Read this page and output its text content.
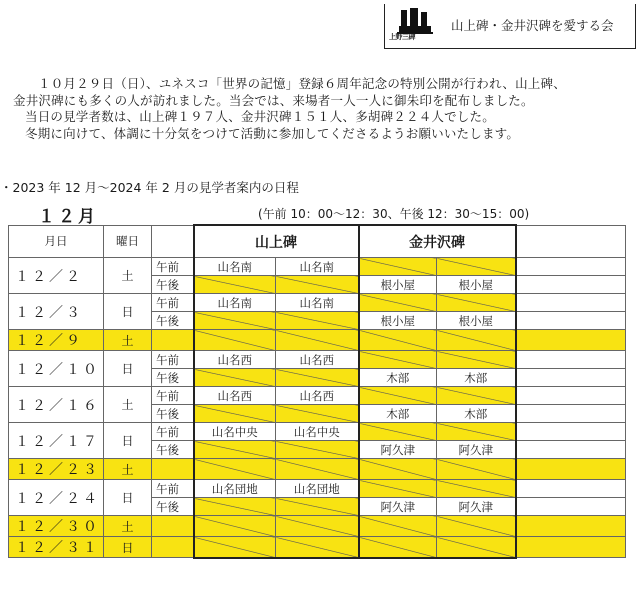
上野三碑
山上碑・金井沢碑を愛する会
１０月２９日（日）、ユネスコ「世界の記憶」登録６周年記念の特別公開が行われ、山上碑、
金井沢碑にも多くの人が訪れました。当会では、来場者一人一人に御朱印を配布しました。
当日の見学者数は、山上碑１９７人、金井沢碑１５１人、多胡碑２２４人でした。
冬期に向けて、体調に十分気をつけて活動に参加してくださるようお願いいたします。
・2023 年 12 月～2024 年 2 月の見学者案内の日程
１２月	(午前 10：00～12：30、午後 12：30～15：00)
月日	曜日		山上碑		金井沢碑		
１２／２	土	午前	山名南	山名南			
		午後			根小屋	根小屋	
１２／３	日	午前	山名南	山名南			
		午後			根小屋	根小屋	
１２／９	土						
１２／１０	日	午前	山名西	山名西			
		午後			木部	木部	
１２／１６	土	午前	山名西	山名西			
		午後			木部	木部	
１２／１７	日	午前	山名中央	山名中央			
		午後			阿久津	阿久津	
１２／２３	土						
１２／２４	日	午前	山名団地	山名団地			
		午後			阿久津	阿久津	
１２／３０	土						
１２／３１	日						
